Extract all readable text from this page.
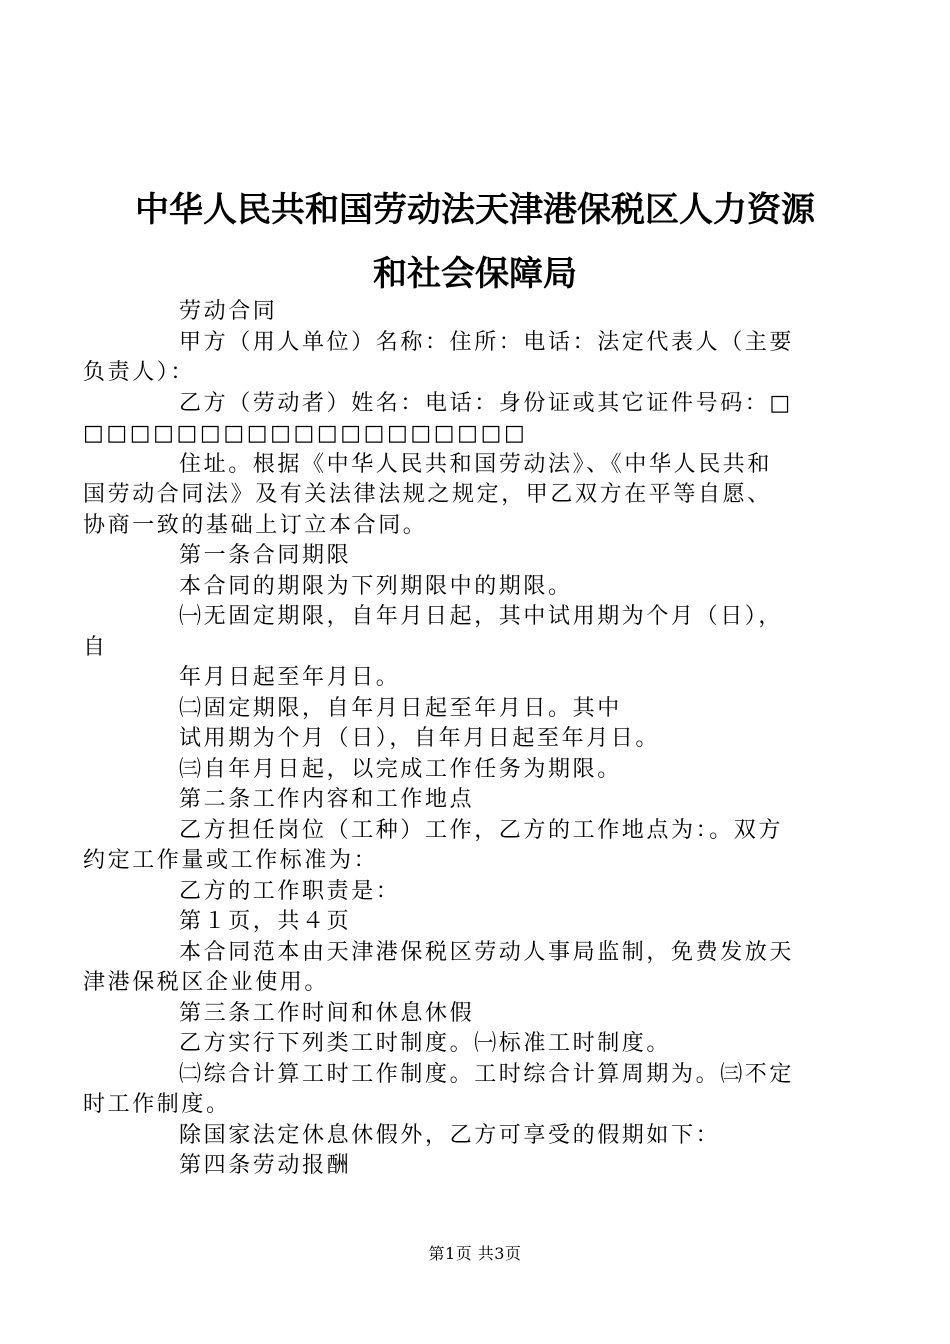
中华人民共和国劳动法天津港保税区人力资源
和社会保障局
劳动合同
甲方（用人单位）名称：住所：电话：法定代表人（主要
负责人）：
乙方（劳动者）姓名：电话：身份证或其它证件号码：□
□□□□□□□□□□□□□□□□□□□
住址。根据《中华人民共和国劳动法》、《中华人民共和
国劳动合同法》及有关法律法规之规定，甲乙双方在平等自愿、
协商一致的基础上订立本合同。
第一条合同期限
本合同的期限为下列期限中的期限。
㈠无固定期限，自年月日起，其中试用期为个月（日），
自
年月日起至年月日。
㈡固定期限，自年月日起至年月日。其中
试用期为个月（日），自年月日起至年月日。
㈢自年月日起，以完成工作任务为期限。
第二条工作内容和工作地点
乙方担任岗位（工种）工作，乙方的工作地点为：。双方
约定工作量或工作标准为：
乙方的工作职责是：
第１页，共４页
本合同范本由天津港保税区劳动人事局监制，免费发放天
津港保税区企业使用。
第三条工作时间和休息休假
乙方实行下列类工时制度。㈠标准工时制度。
㈡综合计算工时工作制度。工时综合计算周期为。㈢不定
时工作制度。
除国家法定休息休假外，乙方可享受的假期如下：
第四条劳动报酬
第1页 共3页
